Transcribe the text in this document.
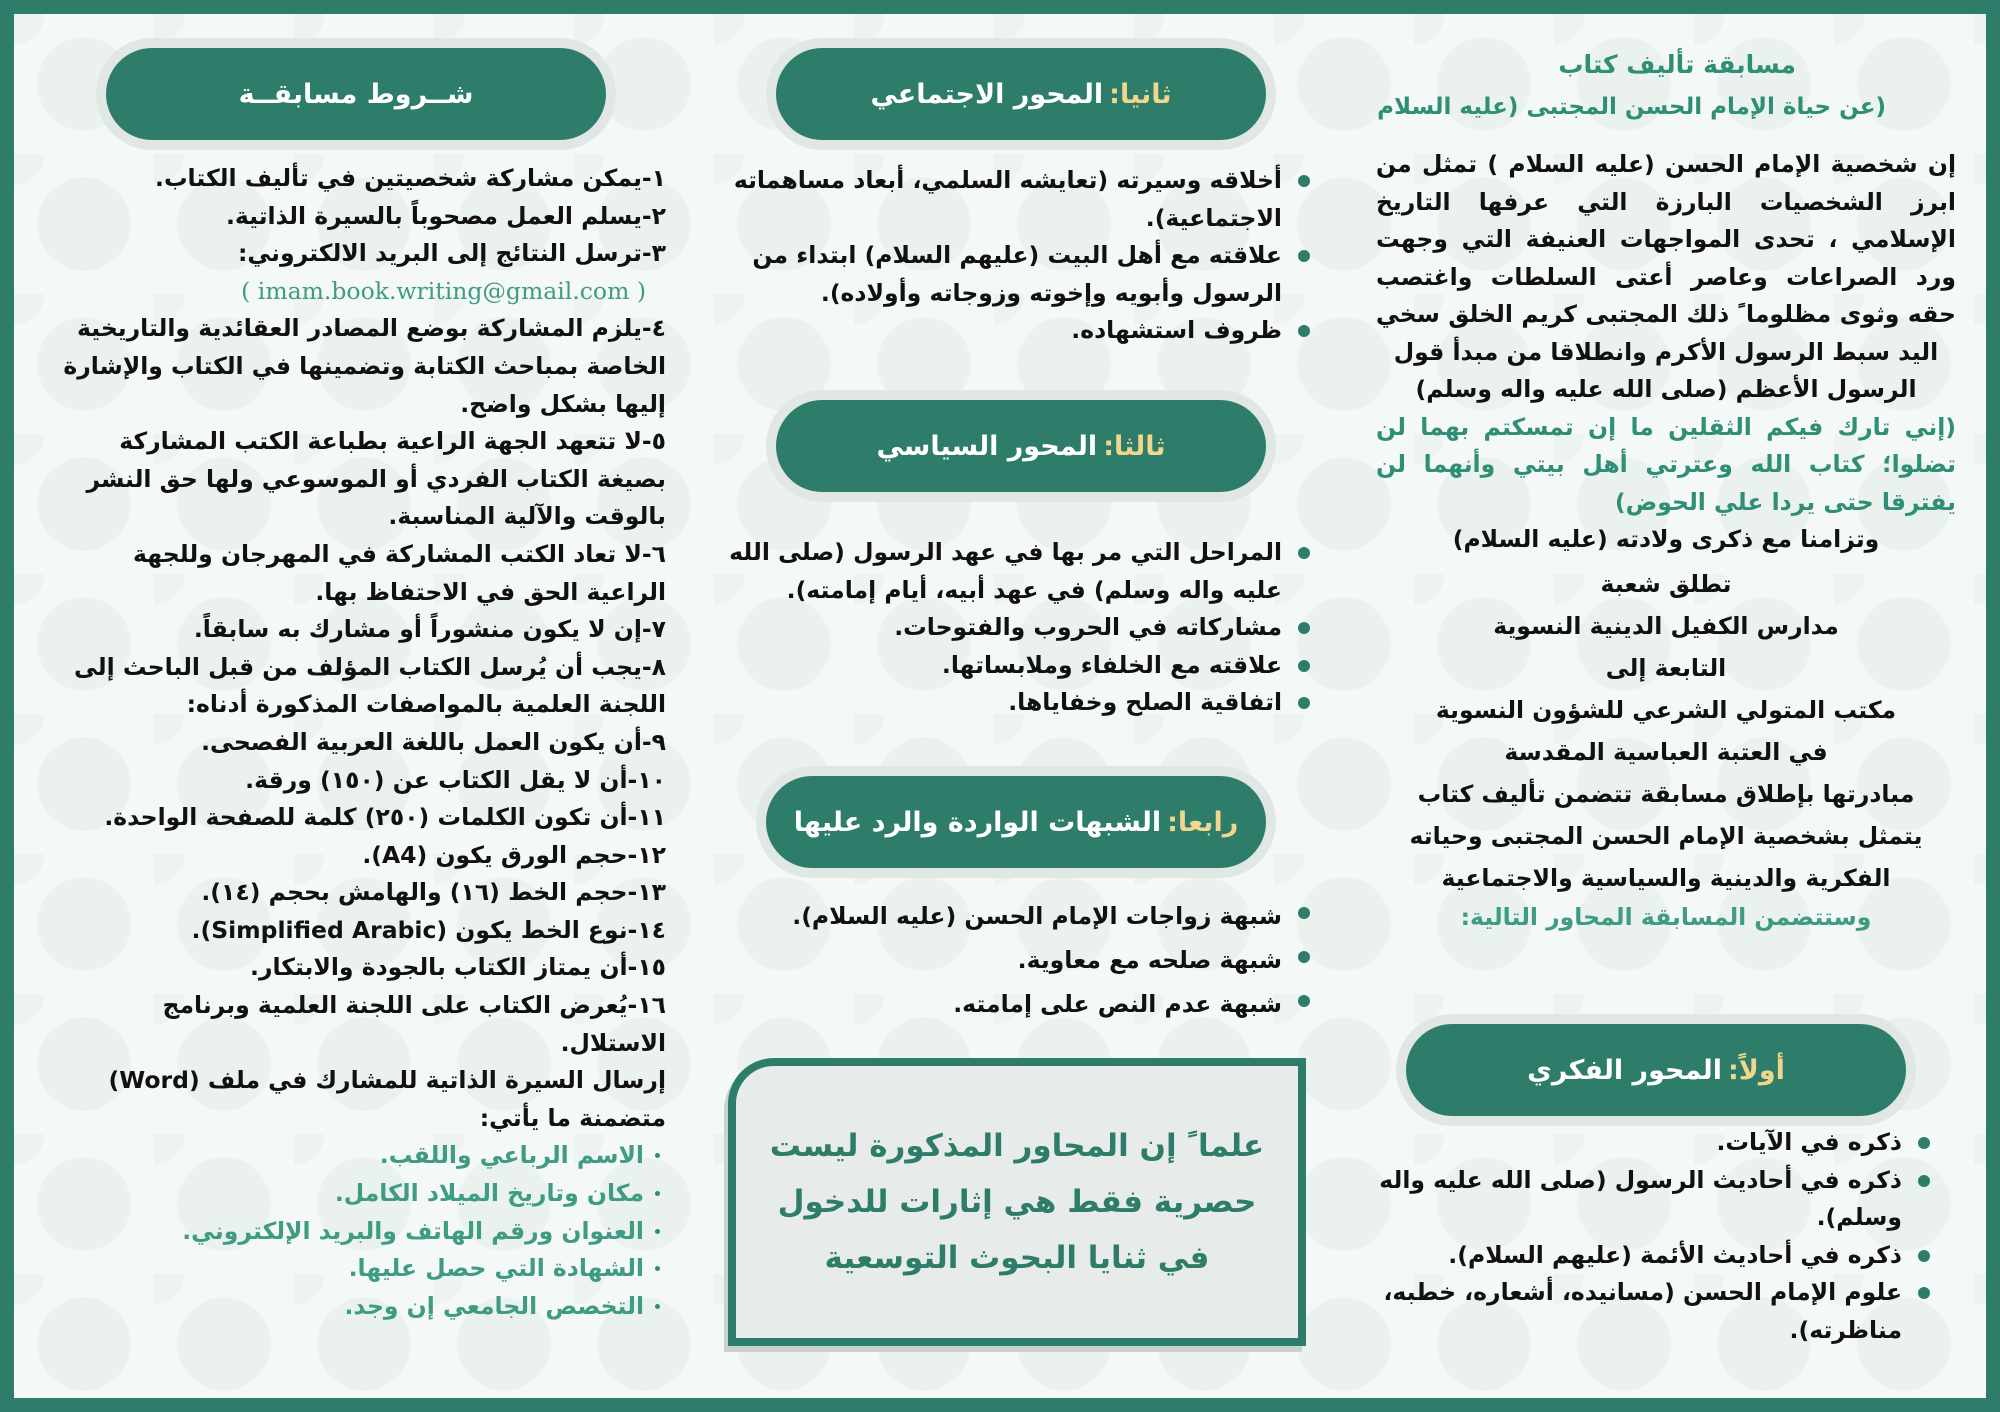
مسابقة تأليف كتاب
(عن حياة الإمام الحسن المجتبى (عليه السلام
إن شخصية الإمام الحسن (عليه السلام ) تمثل من ابرز الشخصيات البارزة التي عرفها التاريخ الإسلامي ، تحدى المواجهات العنيفة التي وجهت ورد الصراعات وعاصر أعتى السلطات واغتصب حقه وثوى مظلوما ً ذلك المجتبى كريم الخلق سخي اليد سبط الرسول الأكرم وانطلاقا من مبدأ قول
الرسول الأعظم (صلى الله عليه واله وسلم)
(إني تارك فيكم الثقلين ما إن تمسكتم بهما لن تضلوا؛ كتاب الله وعترتي أهل بيتي وأنهما لن يفترقا حتى يردا علي الحوض)
وتزامنا مع ذكرى ولادته (عليه السلام)
تطلق شعبة
مدارس الكفيل الدينية النسوية
التابعة إلى
مكتب المتولي الشرعي للشؤون النسوية
في العتبة العباسية المقدسة
مبادرتها بإطلاق مسابقة تتضمن تأليف كتاب
يتمثل بشخصية الإمام الحسن المجتبى وحياته
الفكرية والدينية والسياسية والاجتماعية
وستتضمن المسابقة المحاور التالية:
أولاً:
المحور الفكري
ذكره في الآيات.
ذكره في أحاديث الرسول (صلى الله عليه واله وسلم).
ذكره في أحاديث الأئمة (عليهم السلام).
علوم الإمام الحسن (مسانيده، أشعاره، خطبه، مناظرته).
ثانيا:
المحور الاجتماعي
أخلاقه وسيرته (تعايشه السلمي، أبعاد مساهماته الاجتماعية).
علاقته مع أهل البيت (عليهم السلام) ابتداء من الرسول وأبويه وإخوته وزوجاته وأولاده).
ظروف استشهاده.
ثالثا:
المحور السياسي
المراحل التي مر بها في عهد الرسول (صلى الله عليه واله وسلم) في عهد أبيه، أيام إمامته).
مشاركاته في الحروب والفتوحات.
علاقته مع الخلفاء وملابساتها.
اتفاقية الصلح وخفاياها.
رابعا:
الشبهات الواردة والرد عليها
شبهة زواجات الإمام الحسن (عليه السلام).
شبهة صلحه مع معاوية.
شبهة عدم النص على إمامته.
علما ً إن المحاور المذكورة ليست حصرية فقط هي إثارات للدخول في ثنايا البحوث التوسعية
شــروط مسابقــة
١-يمكن مشاركة شخصيتين في تأليف الكتاب.
٢-يسلم العمل مصحوباً بالسيرة الذاتية.
٣-ترسل النتائج إلى البريد الالكتروني:
( imam.book.writing@gmail.com )
٤-يلزم المشاركة بوضع المصادر العقائدية والتاريخية الخاصة بمباحث الكتابة وتضمينها في الكتاب والإشارة إليها بشكل واضح.
٥-لا تتعهد الجهة الراعية بطباعة الكتب المشاركة بصيغة الكتاب الفردي أو الموسوعي ولها حق النشر بالوقت والآلية المناسبة.
٦-لا تعاد الكتب المشاركة في المهرجان وللجهة الراعية الحق في الاحتفاظ بها.
٧-إن لا يكون منشوراً أو مشارك به سابقاً.
٨-يجب أن يُرسل الكتاب المؤلف من قبل الباحث إلى اللجنة العلمية بالمواصفات المذكورة أدناه:
٩-أن يكون العمل باللغة العربية الفصحى.
١٠-أن لا يقل الكتاب عن (١٥٠) ورقة.
١١-أن تكون الكلمات (٢٥٠) كلمة للصفحة الواحدة.
١٢-حجم الورق يكون (A4).
١٣-حجم الخط (١٦) والهامش بحجم (١٤).
١٤-نوع الخط يكون (Simplified Arabic).
١٥-أن يمتاز الكتاب بالجودة والابتكار.
١٦-يُعرض الكتاب على اللجنة العلمية وبرنامج الاستلال.
إرسال السيرة الذاتية للمشارك في ملف (Word) متضمنة ما يأتي:
الاسم الرباعي واللقب.
مكان وتاريخ الميلاد الكامل.
العنوان ورقم الهاتف والبريد الإلكتروني.
الشهادة التي حصل عليها.
التخصص الجامعي إن وجد.
